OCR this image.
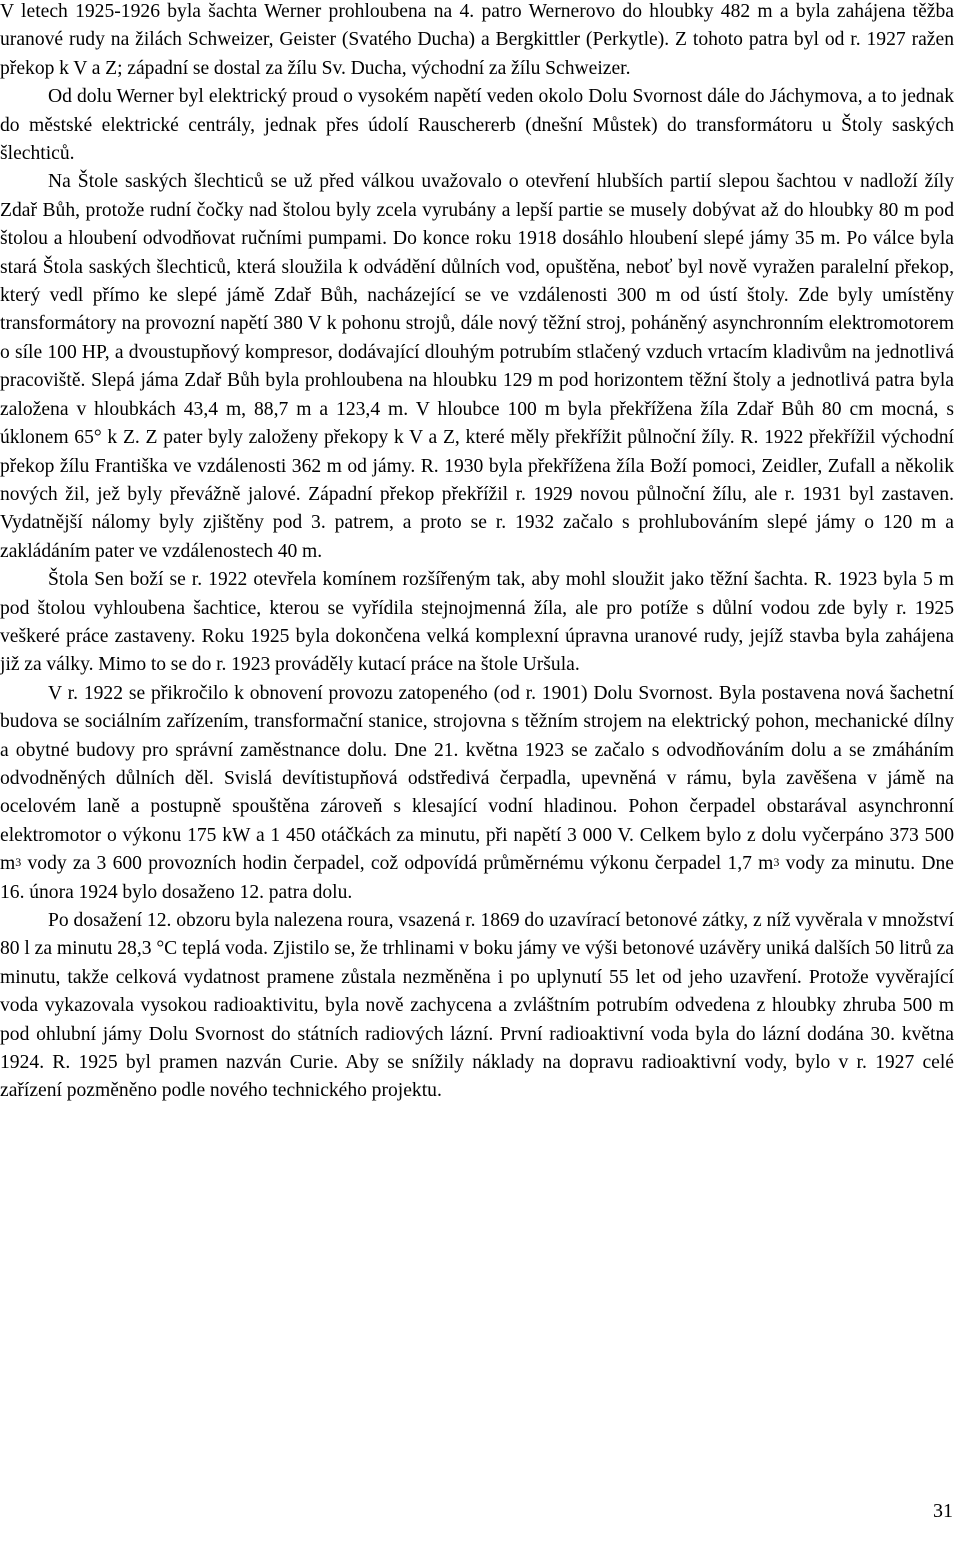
V letech 1925-1926 byla šachta Werner prohloubena na 4. patro Wernerovo do hloubky 482 m a byla zahájena těžba uranové rudy na žilách Schweizer, Geister (Svatého Ducha) a Bergkittler (Perkytle). Z tohoto patra byl od r. 1927 ražen překop k V a Z; západní se dostal za žílu Sv. Ducha, východní za žílu Schweizer.

Od dolu Werner byl elektrický proud o vysokém napětí veden okolo Dolu Svornost dále do Jáchymova, a to jednak do městské elektrické centrály, jednak přes údolí Rauschererb (dnešní Můstek) do transformátoru u Štoly saských šlechticů.

Na Štole saských šlechticů se už před válkou uvažovalo o otevření hlubších partií slepou šachtou v nadloží žíly Zdař Bůh, protože rudní čočky nad štolou byly zcela vyrubány a lepší partie se musely dobývat až do hloubky 80 m pod štolou a hloubení odvodňovat ručními pumpami. Do konce roku 1918 dosáhlo hloubení slepé jámy 35 m. Po válce byla stará Štola saských šlechticů, která sloužila k odvádění důlních vod, opuštěna, neboť byl nově vyražen paralelní překop, který vedl přímo ke slepé jámě Zdař Bůh, nacházející se ve vzdálenosti 300 m od ústí štoly. Zde byly umístěny transformátory na provozní napětí 380 V k pohonu strojů, dále nový těžní stroj, poháněný asynchronním elektromotorem o síle 100 HP, a dvoustupňový kompresor, dodávající dlouhým potrubím stlačený vzduch vrtacím kladivům na jednotlivá pracoviště. Slepá jáma Zdař Bůh byla prohloubena na hloubku 129 m pod horizontem těžní štoly a jednotlivá patra byla založena v hloubkách 43,4 m, 88,7 m a 123,4 m. V hloubce 100 m byla překřížena žíla Zdař Bůh 80 cm mocná, s úklonem 65° k Z. Z pater byly založeny překopy k V a Z, které měly překřížit půlnoční žíly. R. 1922 překřížil východní překop žílu Františka ve vzdálenosti 362 m od jámy. R. 1930 byla překřížena žíla Boží pomoci, Zeidler, Zufall a několik nových žil, jež byly převážně jalové. Západní překop překřížil r. 1929 novou půlnoční žílu, ale r. 1931 byl zastaven. Vydatnější nálomy byly zjištěny pod 3. patrem, a proto se r. 1932 začalo s prohlubováním slepé jámy o 120 m a zakládáním pater ve vzdálenostech 40 m.

Štola Sen boží se r. 1922 otevřela komínem rozšířeným tak, aby mohl sloužit jako těžní šachta. R. 1923 byla 5 m pod štolou vyhloubena šachtice, kterou se vyřídila stejnojmenná žíla, ale pro potíže s důlní vodou zde byly r. 1925 veškeré práce zastaveny. Roku 1925 byla dokončena velká komplexní úpravna uranové rudy, jejíž stavba byla zahájena již za války. Mimo to se do r. 1923 prováděly kutací práce na štole Uršula.

V r. 1922 se přikročilo k obnovení provozu zatopeného (od r. 1901) Dolu Svornost. Byla postavena nová šachetní budova se sociálním zařízením, transformační stanice, strojovna s těžním strojem na elektrický pohon, mechanické dílny a obytné budovy pro správní zaměstnance dolu. Dne 21. května 1923 se začalo s odvodňováním dolu a se zmáháním odvodněných důlních děl. Svislá devítistupňová odstředivá čerpadla, upevněná v rámu, byla zavěšena v jámě na ocelovém laně a postupně spouštěna zároveň s klesající vodní hladinou. Pohon čerpadel obstarával asynchronní elektromotor o výkonu 175 kW a 1 450 otáčkách za minutu, při napětí 3 000 V. Celkem bylo z dolu vyčerpáno 373 500 $m^3$ vody za 3 600 provozních hodin čerpadel, což odpovídá průměrnému výkonu čerpadel 1,7 $m^3$ vody za minutu. Dne 16. února 1924 bylo dosaženo 12. patra dolu.

Po dosažení 12. obzoru byla nalezena roura, vsazená r. 1869 do uzavírací betonové zátky, z níž vyvěrala v množství 80 l za minutu 28,3 °C teplá voda. Zjistilo se, že trhlinami v boku jámy ve výši betonové uzávěry uniká dalších 50 litrů za minutu, takže celková vydatnost pramene zůstala nezměněna i po uplynutí 55 let od jeho uzavření. Protože vyvěrající voda vykazovala vysokou radioaktivitu, byla nově zachycena a zvláštním potrubím odvedena z hloubky zhruba 500 m pod ohlubní jámy Dolu Svornost do státních radiových lázní. První radioaktivní voda byla do lázní dodána 30. května 1924. R. 1925 byl pramen nazván Curie. Aby se snížily náklady na dopravu radioaktivní vody, bylo v r. 1927 celé zařízení pozměněno podle nového technického projektu.

31
